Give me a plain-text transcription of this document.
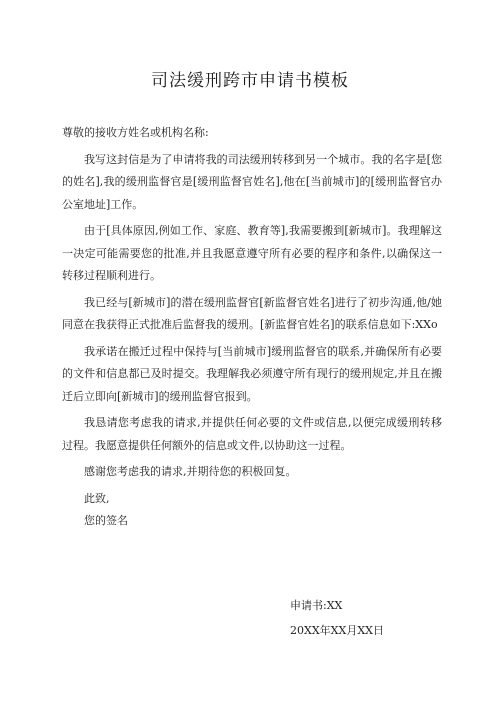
司法缓刑跨市申请书模板

尊敬的接收方姓名或机构名称:

我写这封信是为了申请将我的司法缓刑转移到另一个城市。我的名字是[您的姓名],我的缓刑监督官是[缓刑监督官姓名],他在[当前城市]的[缓刑监督官办公室地址]工作。

由于[具体原因,例如工作、家庭、教育等],我需要搬到[新城市]。我理解这一决定可能需要您的批准,并且我愿意遵守所有必要的程序和条件,以确保这一转移过程顺利进行。

我已经与[新城市]的潜在缓刑监督官[新监督官姓名]进行了初步沟通,他/她同意在我获得正式批准后监督我的缓刑。[新监督官姓名]的联系信息如下:XXo

我承诺在搬迁过程中保持与[当前城市]缓刑监督官的联系,并确保所有必要的文件和信息都已及时提交。我理解我必须遵守所有现行的缓刑规定,并且在搬迁后立即向[新城市]的缓刑监督官报到。

我恳请您考虑我的请求,并提供任何必要的文件或信息,以便完成缓刑转移过程。我愿意提供任何额外的信息或文件,以协助这一过程。

感谢您考虑我的请求,并期待您的积极回复。

此致,

您的签名

申请书:XX
20XX年XX月XX日
